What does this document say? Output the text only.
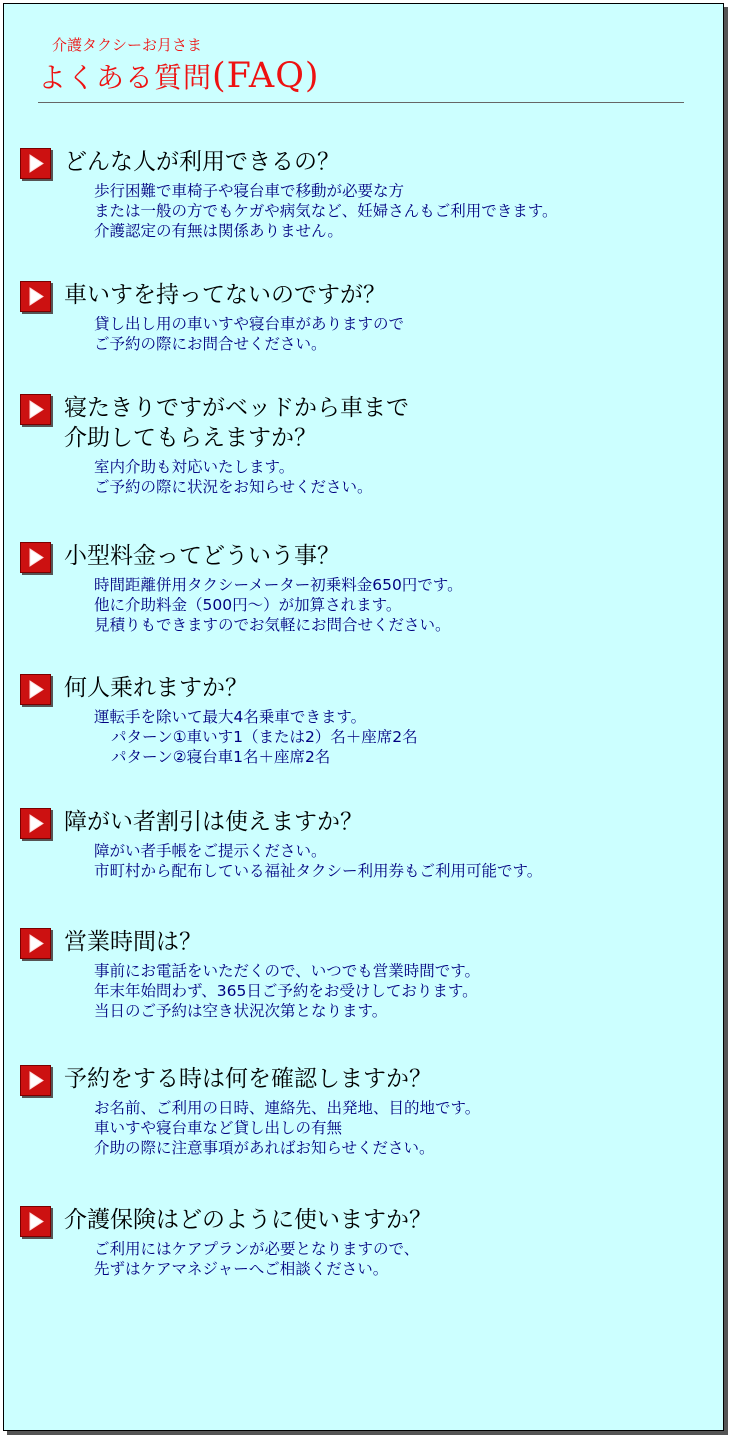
介護タクシーお月さま
よくある質問(FAQ)
どんな人が利用できるの？
歩行困難で車椅子や寝台車で移動が必要な方
または一般の方でもケガや病気など、妊婦さんもご利用できます。
介護認定の有無は関係ありません。
車いすを持ってないのですが？
貸し出し用の車いすや寝台車がありますので
ご予約の際にお問合せください。
寝たきりですがベッドから車まで
介助してもらえますか？
室内介助も対応いたします。
ご予約の際に状況をお知らせください。
小型料金ってどういう事？
時間距離併用タクシーメーター初乗料金650円です。
他に介助料金（500円～）が加算されます。
見積りもできますのでお気軽にお問合せください。
何人乗れますか？
運転手を除いて最大4名乗車できます。
パターン①車いす1（または2）名＋座席2名
パターン②寝台車1名＋座席2名
障がい者割引は使えますか？
障がい者手帳をご提示ください。
市町村から配布している福祉タクシー利用券もご利用可能です。
営業時間は？
事前にお電話をいただくので、いつでも営業時間です。
年末年始問わず、365日ご予約をお受けしております。
当日のご予約は空き状況次第となります。
予約をする時は何を確認しますか？
お名前、ご利用の日時、連絡先、出発地、目的地です。
車いすや寝台車など貸し出しの有無
介助の際に注意事項があればお知らせください。
介護保険はどのように使いますか？
ご利用にはケアプランが必要となりますので、
先ずはケアマネジャーへご相談ください。
